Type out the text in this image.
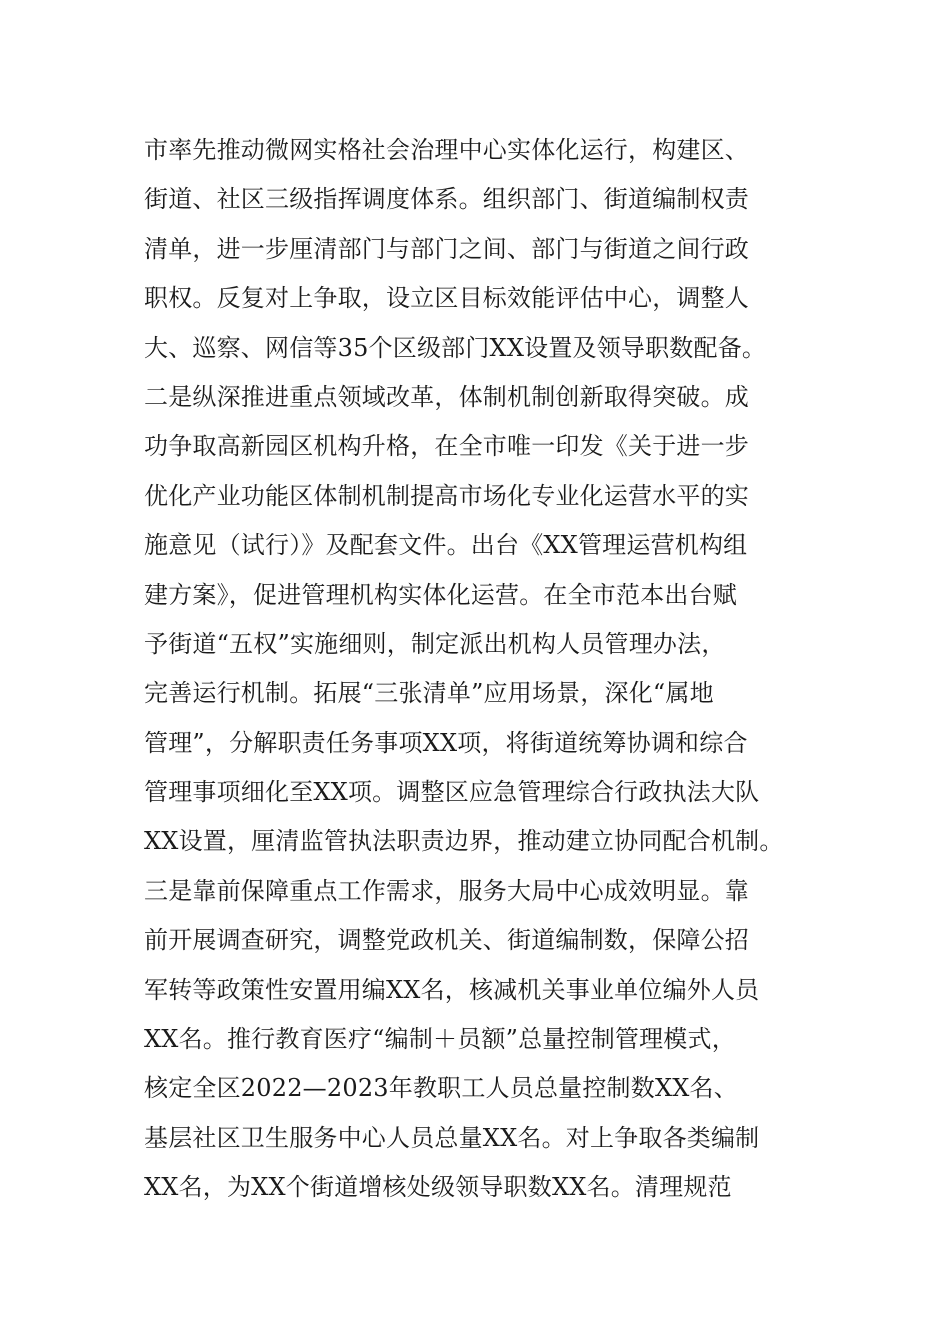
市率先推动微网实格社会治理中心实体化运行，构建区、
街道、社区三级指挥调度体系。组织部门、街道编制权责
清单，进一步厘清部门与部门之间、部门与街道之间行政
职权。反复对上争取，设立区目标效能评估中心，调整人
大、巡察、网信等35个区级部门XX设置及领导职数配备。
二是纵深推进重点领域改革，体制机制创新取得突破。成
功争取高新园区机构升格，在全市唯一印发《关于进一步
优化产业功能区体制机制提高市场化专业化运营水平的实
施意见（试行）》及配套文件。出台《XX管理运营机构组
建方案》，促进管理机构实体化运营。在全市范本出台赋
予街道“五权”实施细则，制定派出机构人员管理办法，
完善运行机制。拓展“三张清单”应用场景，深化“属地
管理”，分解职责任务事项XX项，将街道统筹协调和综合
管理事项细化至XX项。调整区应急管理综合行政执法大队
XX设置，厘清监管执法职责边界，推动建立协同配合机制。
三是靠前保障重点工作需求，服务大局中心成效明显。靠
前开展调查研究，调整党政机关、街道编制数，保障公招
军转等政策性安置用编XX名，核减机关事业单位编外人员
XX名。推行教育医疗“编制＋员额”总量控制管理模式，
核定全区2022—2023年教职工人员总量控制数XX名、
基层社区卫生服务中心人员总量XX名。对上争取各类编制
XX名，为XX个街道增核处级领导职数XX名。清理规范
